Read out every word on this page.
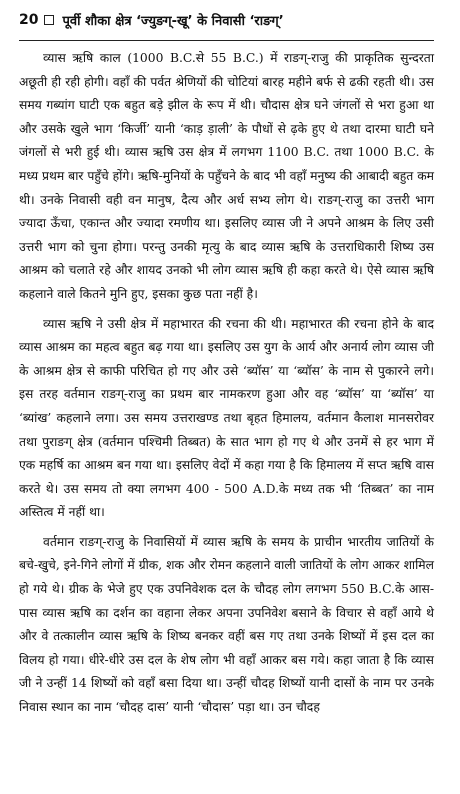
20 पूर्वी शौका क्षेत्र ‘ज्युङग्-खू’ के निवासी ‘राङग्’

व्यास ऋषि काल (1000 B.C.से 55 B.C.) में राङग्-राजु की प्राकृतिक सुन्दरता अछूती ही रही होगी। वहाँ की पर्वत श्रेणियों की चोटियां बारह महीने बर्फ से ढकी रहती थी। उस समय गब्यांग घाटी एक बहुत बड़े झील के रूप में थी। चौदास क्षेत्र घने जंगलों से भरा हुआ था और उसके खुले भाग ‘किर्जी’ यानी ‘काड़ ड़ाली’ के पौधों से ढ़के हुए थे तथा दारमा घाटी घने जंगलों से भरी हुई थी। व्यास ऋषि उस क्षेत्र में लगभग 1100 B.C. तथा 1000 B.C. के मध्य प्रथम बार पहुँचे होंगे। ऋषि-मुनियों के पहुँचने के बाद भी वहाँ मनुष्य की आबादी बहुत कम थी। उनके निवासी वही वन मानुष, दैत्य और अर्ध सभ्य लोग थे। राङग्-राजु का उत्तरी भाग ज्यादा ऊँचा, एकान्त और ज्यादा रमणीय था। इसलिए व्यास जी ने अपने आश्रम के लिए उसी उत्तरी भाग को चुना होगा। परन्तु उनकी मृत्यु के बाद व्यास ऋषि के उत्तराधिकारी शिष्य उस आश्रम को चलाते रहे और शायद उनको भी लोग व्यास ऋषि ही कहा करते थे। ऐसे व्यास ऋषि कहलाने वाले कितने मुनि हुए, इसका कुछ पता नहीं है।

व्यास ऋषि ने उसी क्षेत्र में महाभारत की रचना की थी। महाभारत की रचना होने के बाद व्यास आश्रम का महत्व बहुत बढ़ गया था। इसलिए उस युग के आर्य और अनार्य लोग व्यास जी के आश्रम क्षेत्र से काफी परिचित हो गए और उसे ‘ब्यॉस’ या ‘ब्यॉस’ के नाम से पुकारने लगे। इस तरह वर्तमान राङग्-राजु का प्रथम बार नामकरण हुआ और वह ‘ब्यॉस’ या ‘ब्यॉस’ या ‘ब्यांख’ कहलाने लगा। उस समय उत्तराखण्ड तथा बृहत हिमालय, वर्तमान कैलाश मानसरोवर तथा पुराङग् क्षेत्र (वर्तमान पश्चिमी तिब्बत) के सात भाग हो गए थे और उनमें से हर भाग में एक महर्षि का आश्रम बन गया था। इसलिए वेदों में कहा गया है कि हिमालय में सप्त ऋषि वास करते थे। उस समय तो क्या लगभग 400 - 500 A.D.के मध्य तक भी ‘तिब्बत’ का नाम अस्तित्व में नहीं था।

वर्तमान राङग्-राजु के निवासियों में व्यास ऋषि के समय के प्राचीन भारतीय जातियों के बचे-खुचे, इने-गिने लोगों में ग्रीक, शक और रोमन कहलाने वाली जातियों के लोग आकर शामिल हो गये थे। ग्रीक के भेजे हुए एक उपनिवेशक दल के चौदह लोग लगभग 550 B.C.के आस-पास व्यास ऋषि का दर्शन का वहाना लेकर अपना उपनिवेश बसाने के विचार से वहाँ आये थे और वे तत्कालीन व्यास ऋषि के शिष्य बनकर वहीं बस गए तथा उनके शिष्यों में इस दल का विलय हो गया। धीरे-धीरे उस दल के शेष लोग भी वहाँ आकर बस गये। कहा जाता है कि व्यास जी ने उन्हीं 14 शिष्यों को वहाँ बसा दिया था। उन्हीं चौदह शिष्यों यानी दासों के नाम पर उनके निवास स्थान का नाम ‘चौदह दास’ यानी ‘चौदास’ पड़ा था। उन चौदह
